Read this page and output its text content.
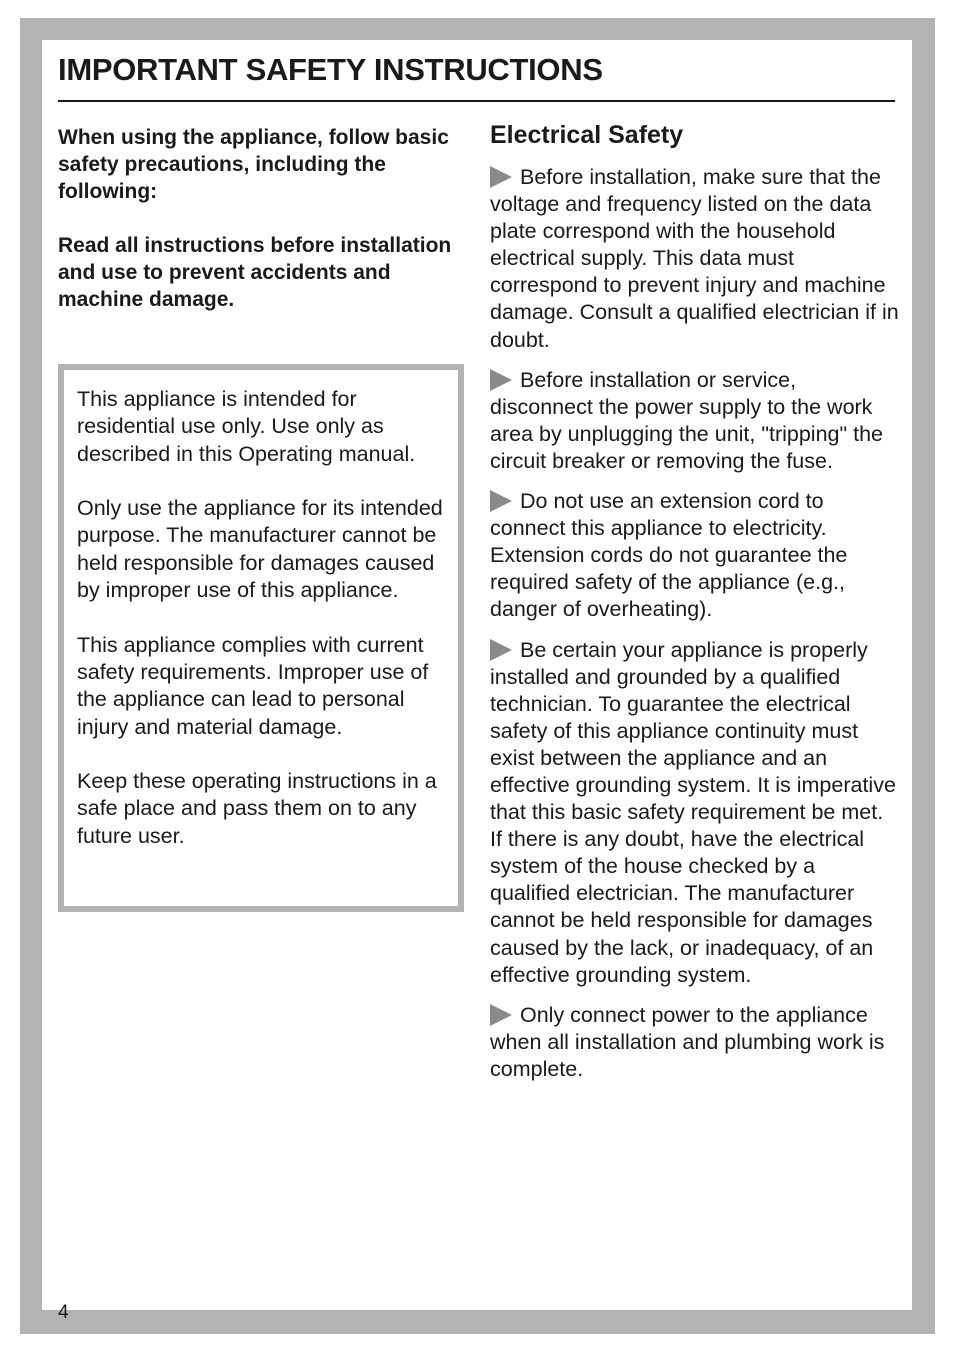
IMPORTANT SAFETY INSTRUCTIONS

When using the appliance, follow basic safety precautions, including the following:

Read all instructions before installation and use to prevent accidents and machine damage.

This appliance is intended for residential use only. Use only as described in this Operating manual.

Only use the appliance for its intended purpose. The manufacturer cannot be held responsible for damages caused by improper use of this appliance.

This appliance complies with current safety requirements. Improper use of the appliance can lead to personal injury and material damage.

Keep these operating instructions in a safe place and pass them on to any future user.

Electrical Safety

Before installation, make sure that the voltage and frequency listed on the data plate correspond with the household electrical supply. This data must correspond to prevent injury and machine damage. Consult a qualified electrician if in doubt.

Before installation or service, disconnect the power supply to the work area by unplugging the unit, "tripping" the circuit breaker or removing the fuse.

Do not use an extension cord to connect this appliance to electricity. Extension cords do not guarantee the required safety of the appliance (e.g., danger of overheating).

Be certain your appliance is properly installed and grounded by a qualified technician. To guarantee the electrical safety of this appliance continuity must exist between the appliance and an effective grounding system. It is imperative that this basic safety requirement be met. If there is any doubt, have the electrical system of the house checked by a qualified electrician. The manufacturer cannot be held responsible for damages caused by the lack, or inadequacy, of an effective grounding system.

Only connect power to the appliance when all installation and plumbing work is complete.

4
